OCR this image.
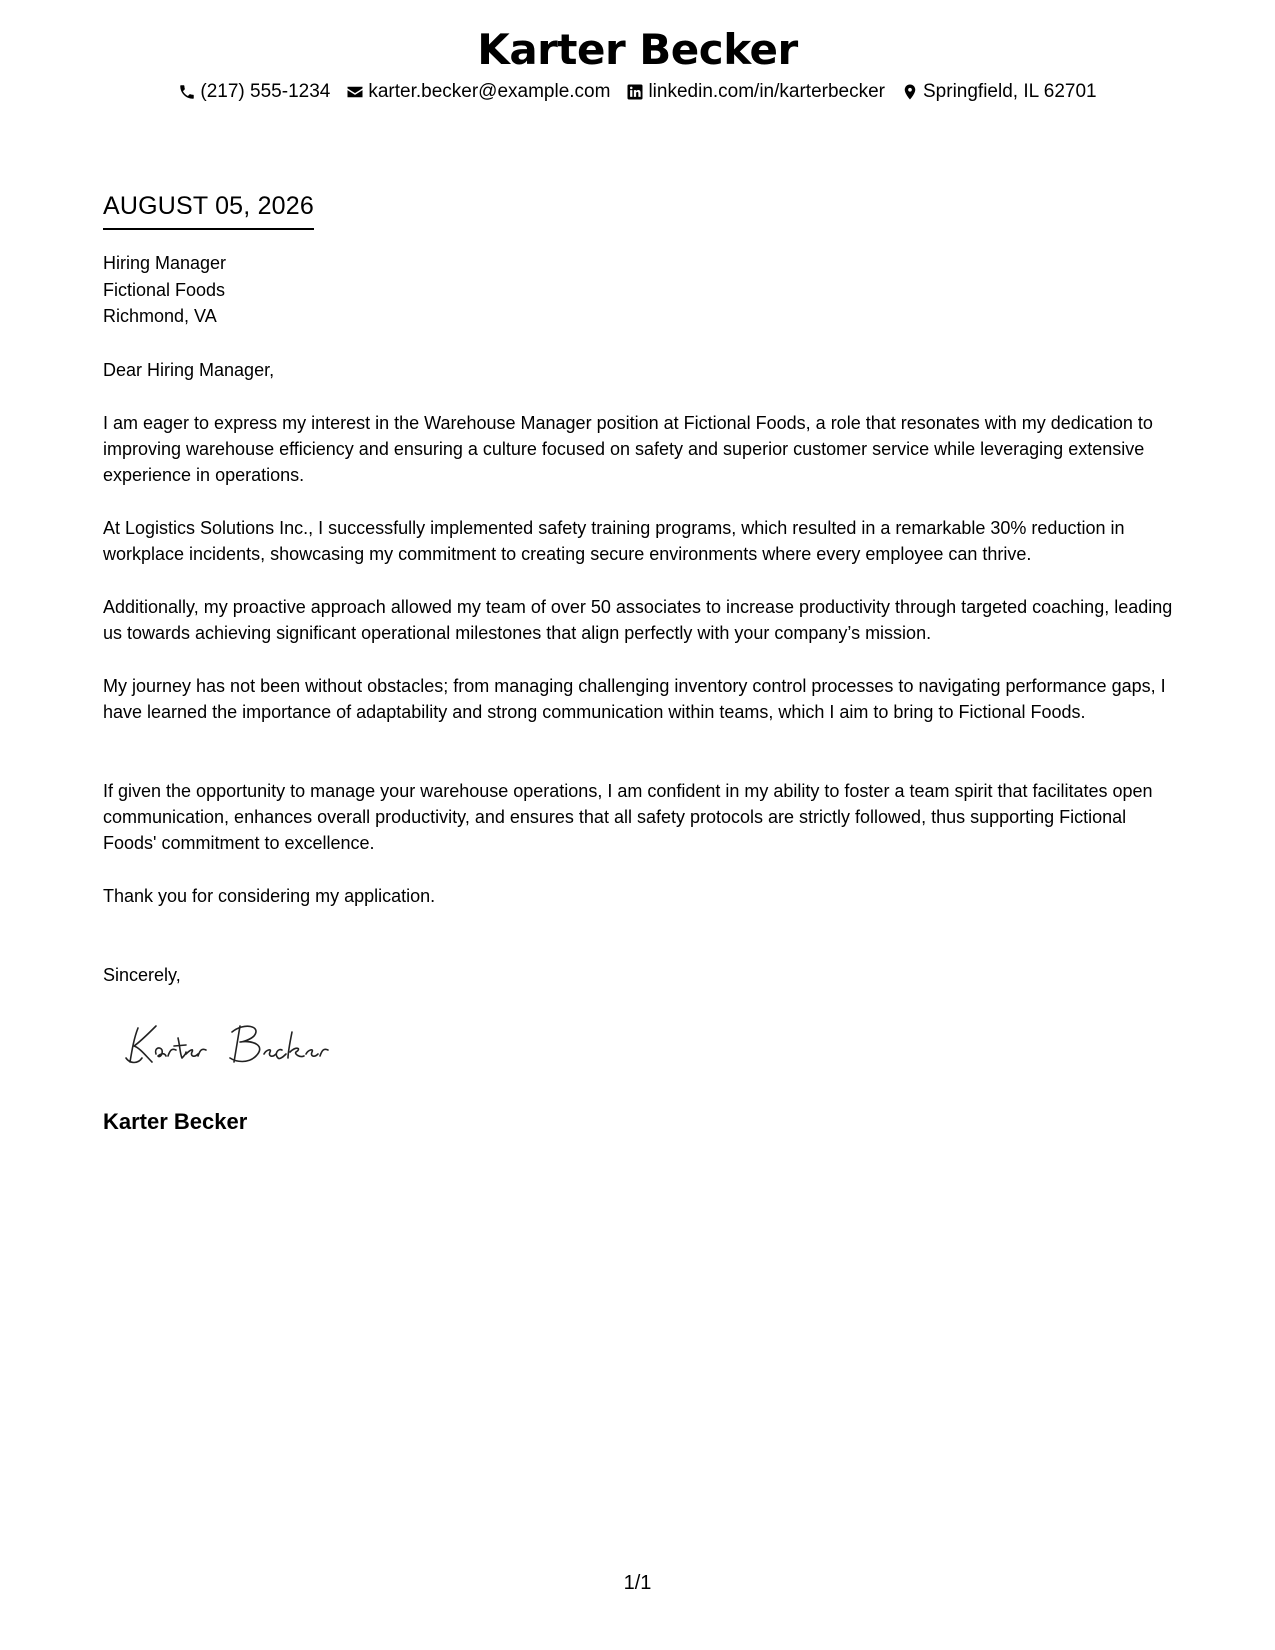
Karter Becker
(217) 555-1234 karter.becker@example.com linkedin.com/in/karterbecker Springfield, IL 62701
AUGUST 05, 2026
Hiring Manager
Fictional Foods
Richmond, VA
Dear Hiring Manager,

I am eager to express my interest in the Warehouse Manager position at Fictional Foods, a role that resonates with my dedication to improving warehouse efficiency and ensuring a culture focused on safety and superior customer service while leveraging extensive experience in operations.

At Logistics Solutions Inc., I successfully implemented safety training programs, which resulted in a remarkable 30% reduction in workplace incidents, showcasing my commitment to creating secure environments where every employee can thrive.

Additionally, my proactive approach allowed my team of over 50 associates to increase productivity through targeted coaching, leading us towards achieving significant operational milestones that align perfectly with your company’s mission.

My journey has not been without obstacles; from managing challenging inventory control processes to navigating performance gaps, I have learned the importance of adaptability and strong communication within teams, which I aim to bring to Fictional Foods.

If given the opportunity to manage your warehouse operations, I am confident in my ability to foster a team spirit that facilitates open communication, enhances overall productivity, and ensures that all safety protocols are strictly followed, thus supporting Fictional Foods' commitment to excellence.

Thank you for considering my application.
Sincerely,
Karter Becker
1/1
